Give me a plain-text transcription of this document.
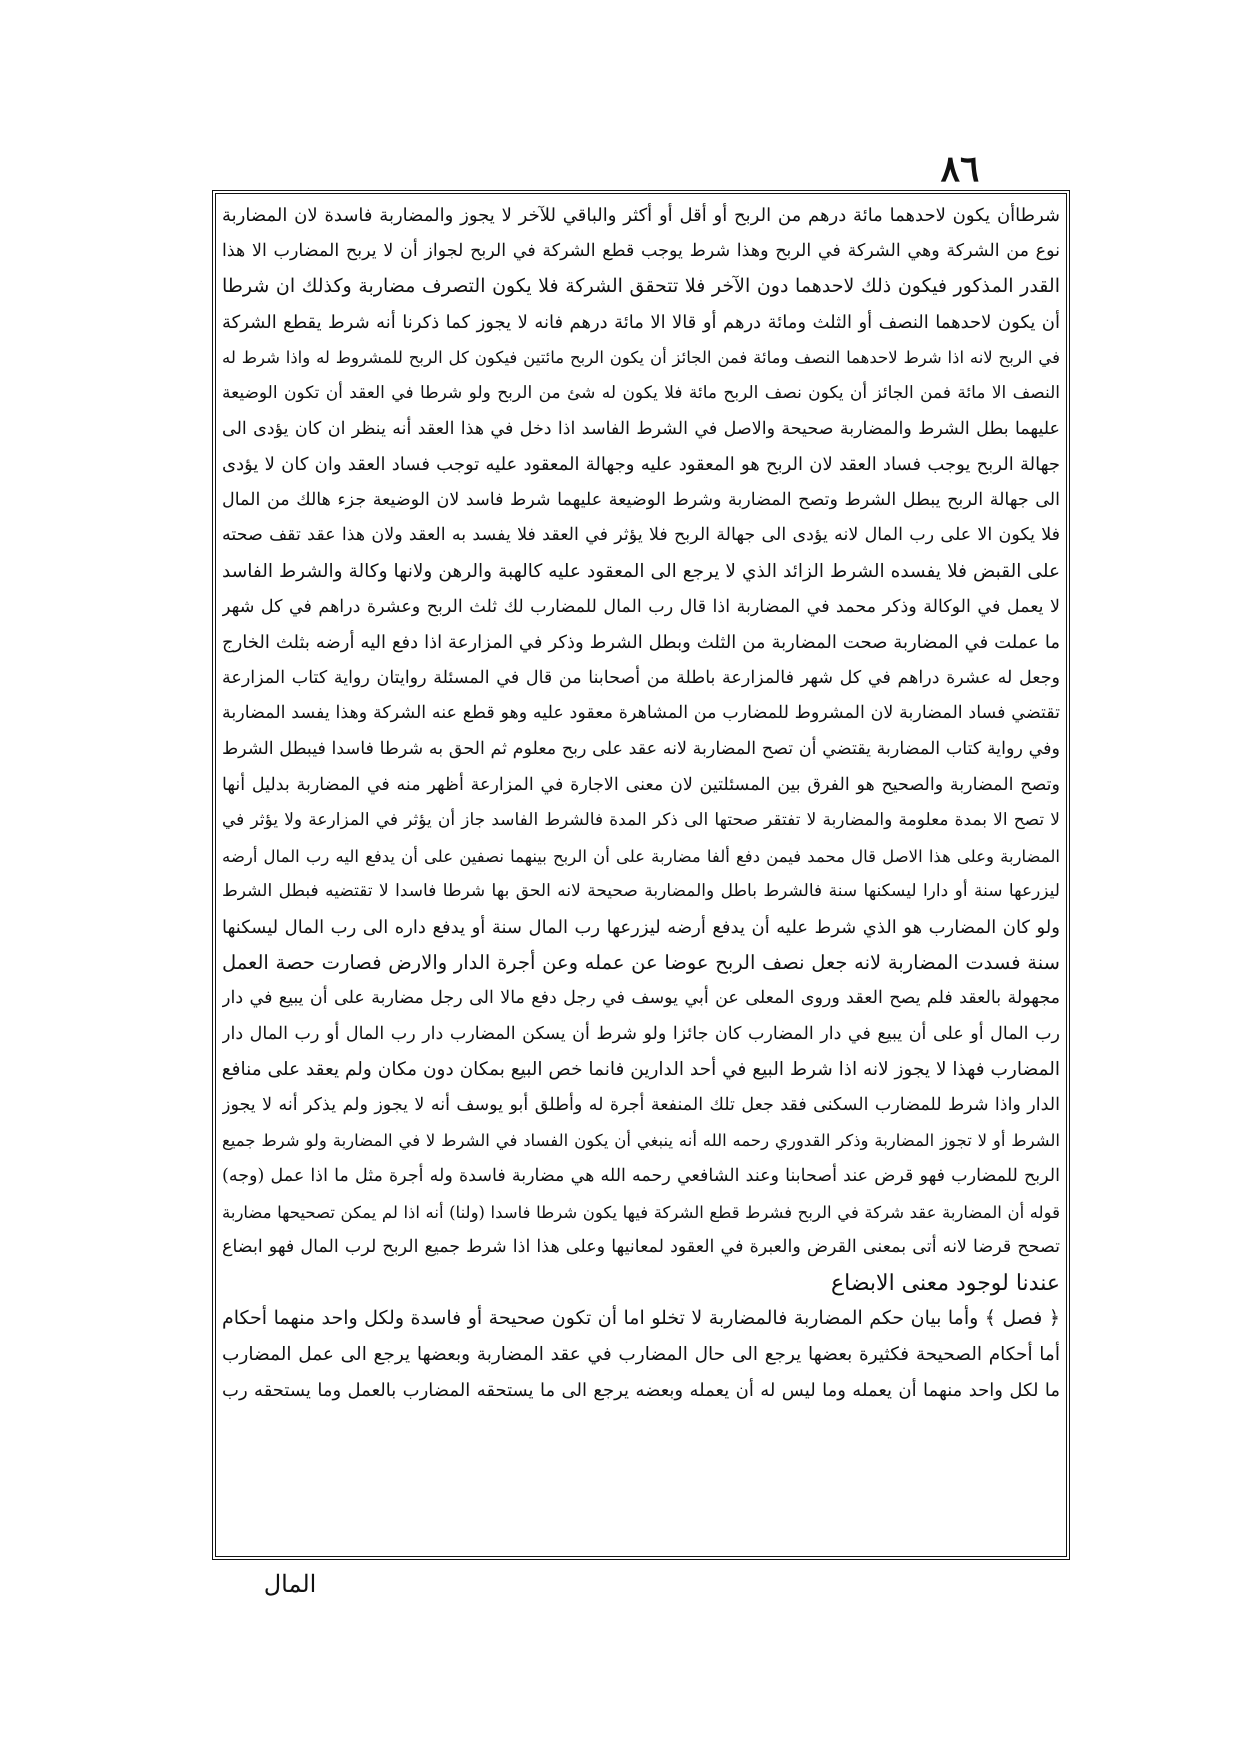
٨٦
شرطاأن يكون لاحدهما مائة درهم من الربح أو أقل أو أكثر والباقي للآخر لا يجوز والمضاربة فاسدة لان المضاربة
نوع من الشركة وهي الشركة في الربح وهذا شرط يوجب قطع الشركة في الربح لجواز أن لا يربح المضارب الا هذا
القدر المذكور فيكون ذلك لاحدهما دون الآخر فلا تتحقق الشركة فلا يكون التصرف مضاربة وكذلك ان شرطا
أن يكون لاحدهما النصف أو الثلث ومائة درهم أو قالا الا مائة درهم فانه لا يجوز كما ذكرنا أنه شرط يقطع الشركة
في الربح لانه اذا شرط لاحدهما النصف ومائة فمن الجائز أن يكون الربح مائتين فيكون كل الربح للمشروط له واذا شرط له
النصف الا مائة فمن الجائز أن يكون نصف الربح مائة فلا يكون له شئ من الربح ولو شرطا في العقد أن تكون الوضيعة
عليهما بطل الشرط والمضاربة صحيحة والاصل في الشرط الفاسد اذا دخل في هذا العقد أنه ينظر ان كان يؤدى الى
جهالة الربح يوجب فساد العقد لان الربح هو المعقود عليه وجهالة المعقود عليه توجب فساد العقد وان كان لا يؤدى
الى جهالة الربح يبطل الشرط وتصح المضاربة وشرط الوضيعة عليهما شرط فاسد لان الوضيعة جزء هالك من المال
فلا يكون الا على رب المال لانه يؤدى الى جهالة الربح فلا يؤثر في العقد فلا يفسد به العقد ولان هذا عقد تقف صحته
على القبض فلا يفسده الشرط الزائد الذي لا يرجع الى المعقود عليه كالهبة والرهن ولانها وكالة والشرط الفاسد
لا يعمل في الوكالة وذكر محمد في المضاربة اذا قال رب المال للمضارب لك ثلث الربح وعشرة دراهم في كل شهر
ما عملت في المضاربة صحت المضاربة من الثلث وبطل الشرط وذكر في المزارعة اذا دفع اليه أرضه بثلث الخارج
وجعل له عشرة دراهم في كل شهر فالمزارعة باطلة من أصحابنا من قال في المسئلة روايتان رواية كتاب المزارعة
تقتضي فساد المضاربة لان المشروط للمضارب من المشاهرة معقود عليه وهو قطع عنه الشركة وهذا يفسد المضاربة
وفي رواية كتاب المضاربة يقتضي أن تصح المضاربة لانه عقد على ربح معلوم ثم الحق به شرطا فاسدا فيبطل الشرط
وتصح المضاربة والصحيح هو الفرق بين المسئلتين لان معنى الاجارة في المزارعة أظهر منه في المضاربة بدليل أنها
لا تصح الا بمدة معلومة والمضاربة لا تفتقر صحتها الى ذكر المدة فالشرط الفاسد جاز أن يؤثر في المزارعة ولا يؤثر في
المضاربة وعلى هذا الاصل قال محمد فيمن دفع ألفا مضاربة على أن الربح بينهما نصفين على أن يدفع اليه رب المال أرضه
ليزرعها سنة أو دارا ليسكنها سنة فالشرط باطل والمضاربة صحيحة لانه الحق بها شرطا فاسدا لا تقتضيه فبطل الشرط
ولو كان المضارب هو الذي شرط عليه أن يدفع أرضه ليزرعها رب المال سنة أو يدفع داره الى رب المال ليسكنها
سنة فسدت المضاربة لانه جعل نصف الربح عوضا عن عمله وعن أجرة الدار والارض فصارت حصة العمل
مجهولة بالعقد فلم يصح العقد وروى المعلى عن أبي يوسف في رجل دفع مالا الى رجل مضاربة على أن يبيع في دار
رب المال أو على أن يبيع في دار المضارب كان جائزا ولو شرط أن يسكن المضارب دار رب المال أو رب المال دار
المضارب فهذا لا يجوز لانه اذا شرط البيع في أحد الدارين فانما خص البيع بمكان دون مكان ولم يعقد على منافع
الدار واذا شرط للمضارب السكنى فقد جعل تلك المنفعة أجرة له وأطلق أبو يوسف أنه لا يجوز ولم يذكر أنه لا يجوز
الشرط أو لا تجوز المضاربة وذكر القدوري رحمه الله أنه ينبغي أن يكون الفساد في الشرط لا في المضاربة ولو شرط جميع
الربح للمضارب فهو قرض عند أصحابنا وعند الشافعي رحمه الله هي مضاربة فاسدة وله أجرة مثل ما اذا عمل (وجه)
قوله أن المضاربة عقد شركة في الربح فشرط قطع الشركة فيها يكون شرطا فاسدا (ولنا) أنه اذا لم يمكن تصحيحها مضاربة
تصحح قرضا لانه أتى بمعنى القرض والعبرة في العقود لمعانيها وعلى هذا اذا شرط جميع الربح لرب المال فهو ابضاع
عندنا لوجود معنى الابضاع
﴿ فصل ﴾ وأما بيان حكم المضاربة فالمضاربة لا تخلو اما أن تكون صحيحة أو فاسدة ولكل واحد منهما أحكام
أما أحكام الصحيحة فكثيرة بعضها يرجع الى حال المضارب في عقد المضاربة وبعضها يرجع الى عمل المضارب
ما لكل واحد منهما أن يعمله وما ليس له أن يعمله وبعضه يرجع الى ما يستحقه المضارب بالعمل وما يستحقه رب
المال
